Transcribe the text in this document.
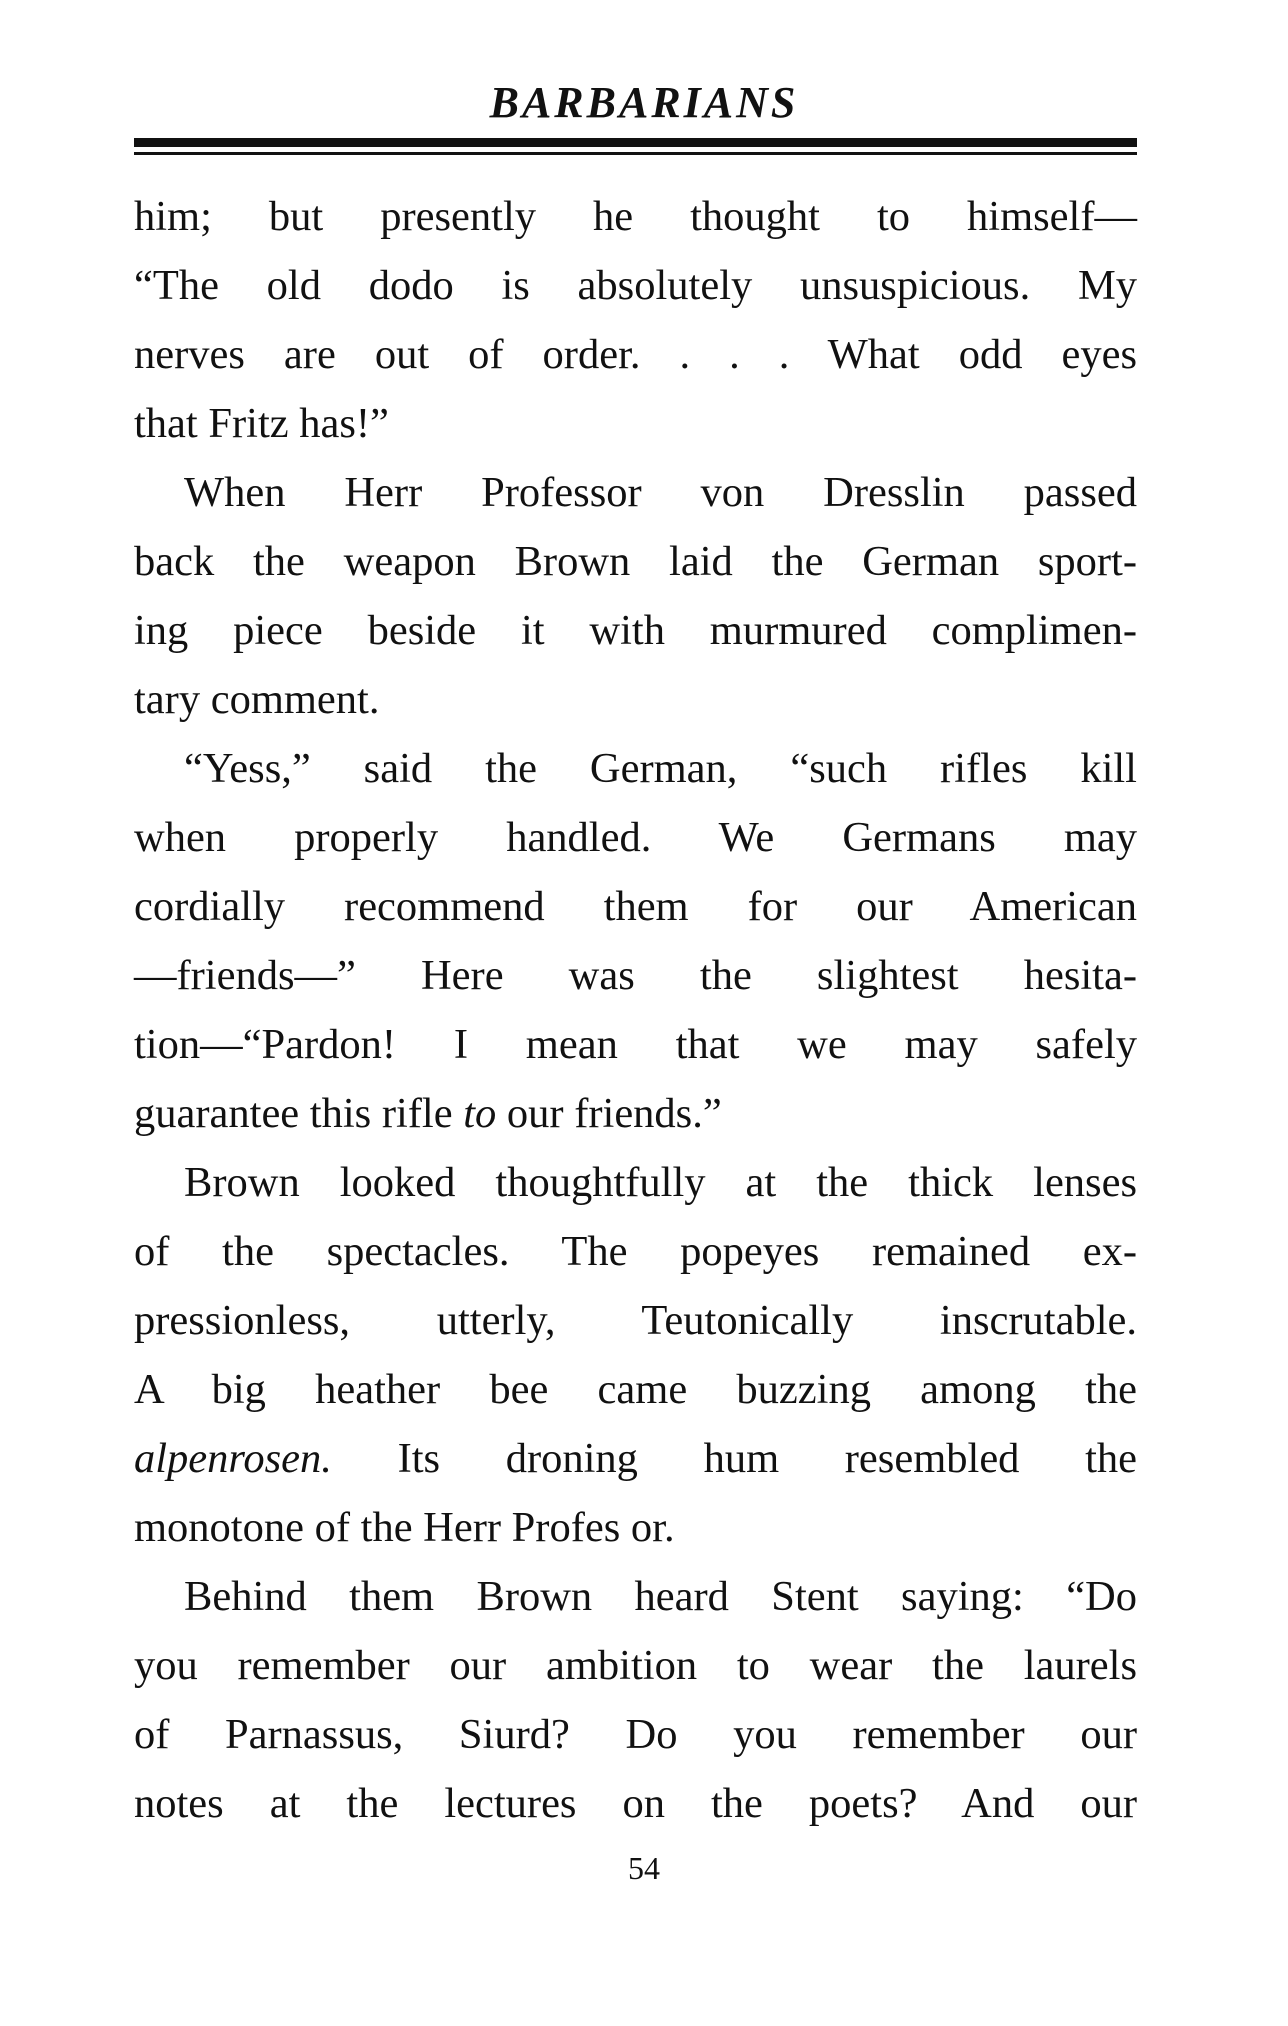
BARBARIANS
him; but presently he thought to himself—
“The old dodo is absolutely unsuspicious. My
nerves are out of order. . . . What odd eyes
that Fritz has!”
When Herr Professor von Dresslin passed
back the weapon Brown laid the German sport-
ing piece beside it with murmured complimen-
tary comment.
“Yess,” said the German, “such rifles kill
when properly handled. We Germans may
cordially recommend them for our American
—friends—” Here was the slightest hesita-
tion—“Pardon! I mean that we may safely
guarantee this rifle to our friends.”
Brown looked thoughtfully at the thick lenses
of the spectacles. The popeyes remained ex-
pressionless, utterly, Teutonically inscrutable.
A big heather bee came buzzing among the
alpenrosen. Its droning hum resembled the
monotone of the Herr Profes or.
Behind them Brown heard Stent saying: “Do
you remember our ambition to wear the laurels
of Parnassus, Siurd? Do you remember our
notes at the lectures on the poets? And our
54
